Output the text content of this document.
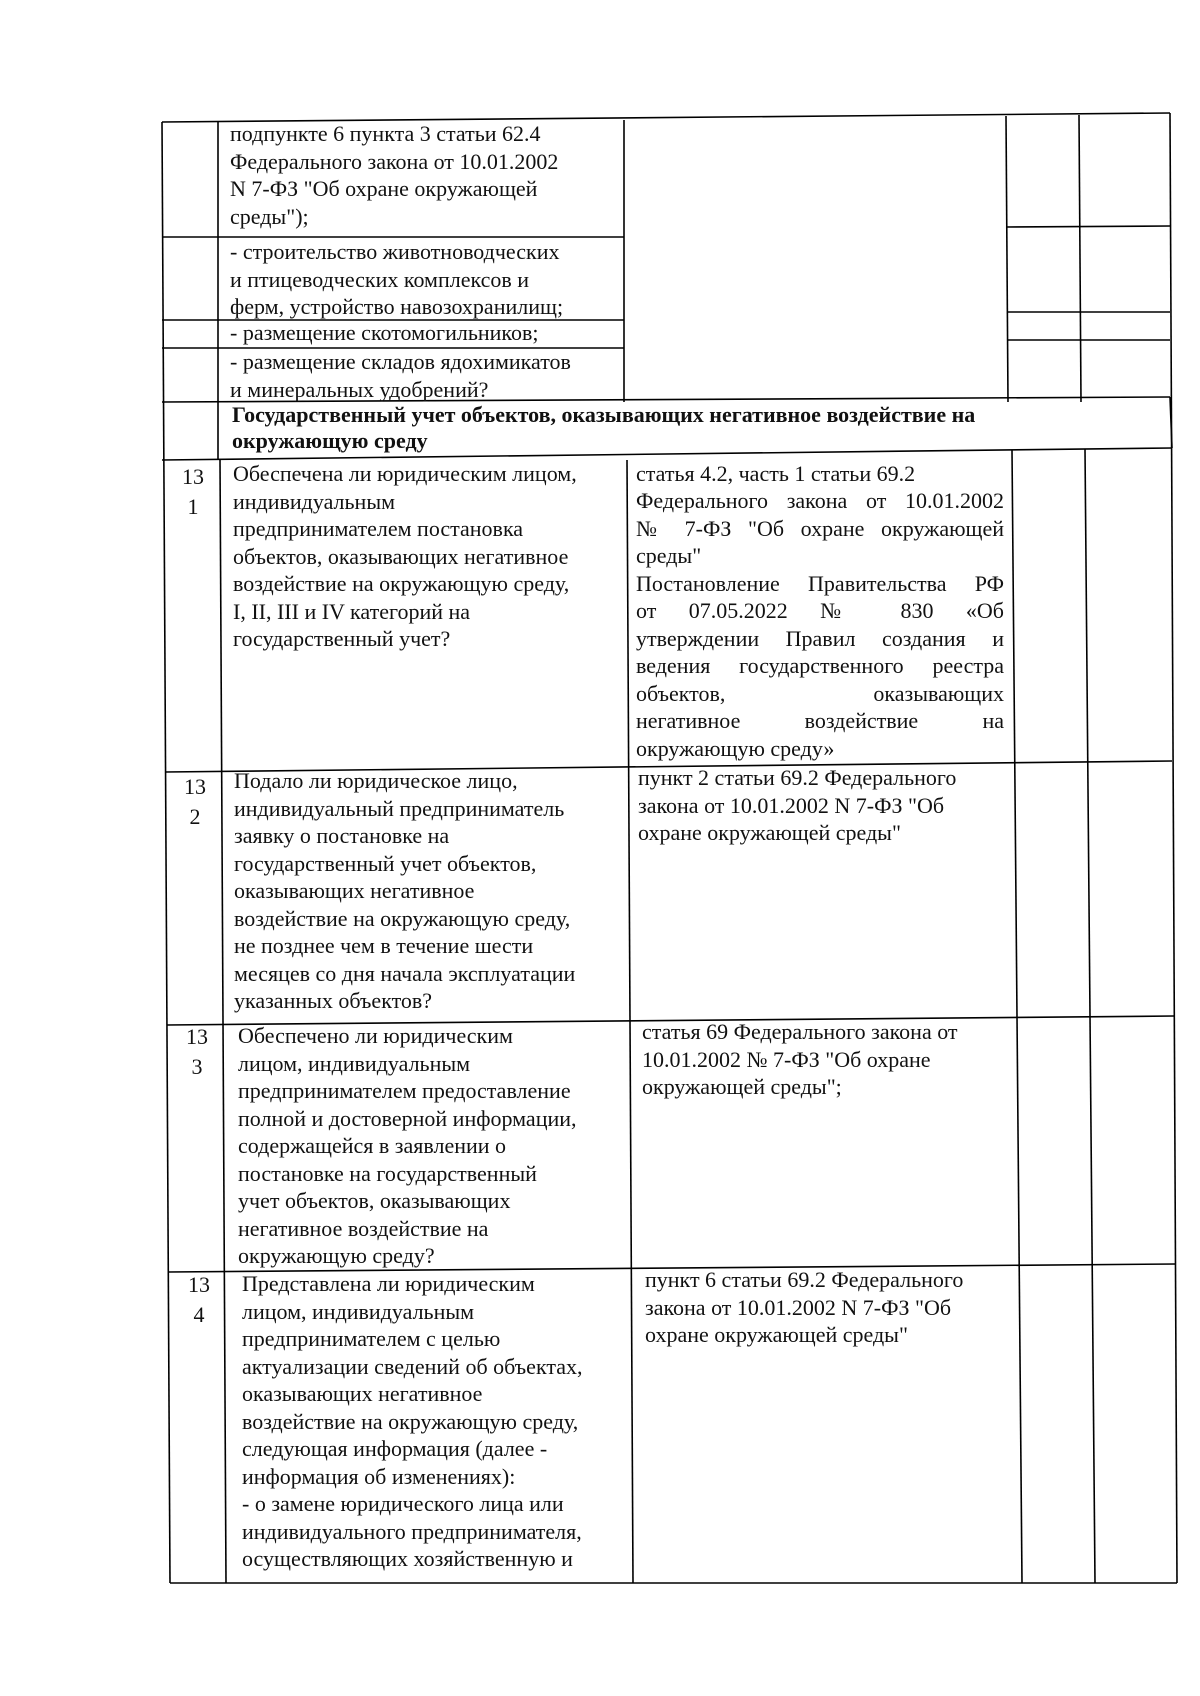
подпункте 6 пункта 3 статьи 62.4
Федерального закона от 10.01.2002
N 7-ФЗ "Об охране окружающей
среды");
- строительство животноводческих
и птицеводческих комплексов и
ферм, устройство навозохранилищ;
- размещение скотомогильников;
- размещение складов ядохимикатов
и минеральных удобрений?
Государственный учет объектов, оказывающих негативное воздействие на
окружающую среду
13
1
Обеспечена ли юридическим лицом,
индивидуальным
предпринимателем постановка
объектов, оказывающих негативное
воздействие на окружающую среду,
I, II, III и IV категорий на
государственный учет?
статья 4.2, часть 1 статьи 69.2
Федерального закона от 10.01.2002
№ 7-ФЗ "Об охране окружающей
среды"
Постановление Правительства РФ
от 07.05.2022 № 830 «Об
утверждении Правил создания и
ведения государственного реестра
объектов, оказывающих
негативное воздействие на
окружающую среду»
13
2
Подало ли юридическое лицо,
индивидуальный предприниматель
заявку о постановке на
государственный учет объектов,
оказывающих негативное
воздействие на окружающую среду,
не позднее чем в течение шести
месяцев со дня начала эксплуатации
указанных объектов?
пункт 2 статьи 69.2 Федерального
закона от 10.01.2002 N 7-ФЗ "Об
охране окружающей среды"
13
3
Обеспечено ли юридическим
лицом, индивидуальным
предпринимателем предоставление
полной и достоверной информации,
содержащейся в заявлении о
постановке на государственный
учет объектов, оказывающих
негативное воздействие на
окружающую среду?
статья 69 Федерального закона от
10.01.2002 № 7-ФЗ "Об охране
окружающей среды";
13
4
Представлена ли юридическим
лицом, индивидуальным
предпринимателем с целью
актуализации сведений об объектах,
оказывающих негативное
воздействие на окружающую среду,
следующая информация (далее -
информация об изменениях):
- о замене юридического лица или
индивидуального предпринимателя,
осуществляющих хозяйственную и
пункт 6 статьи 69.2 Федерального
закона от 10.01.2002 N 7-ФЗ "Об
охране окружающей среды"
